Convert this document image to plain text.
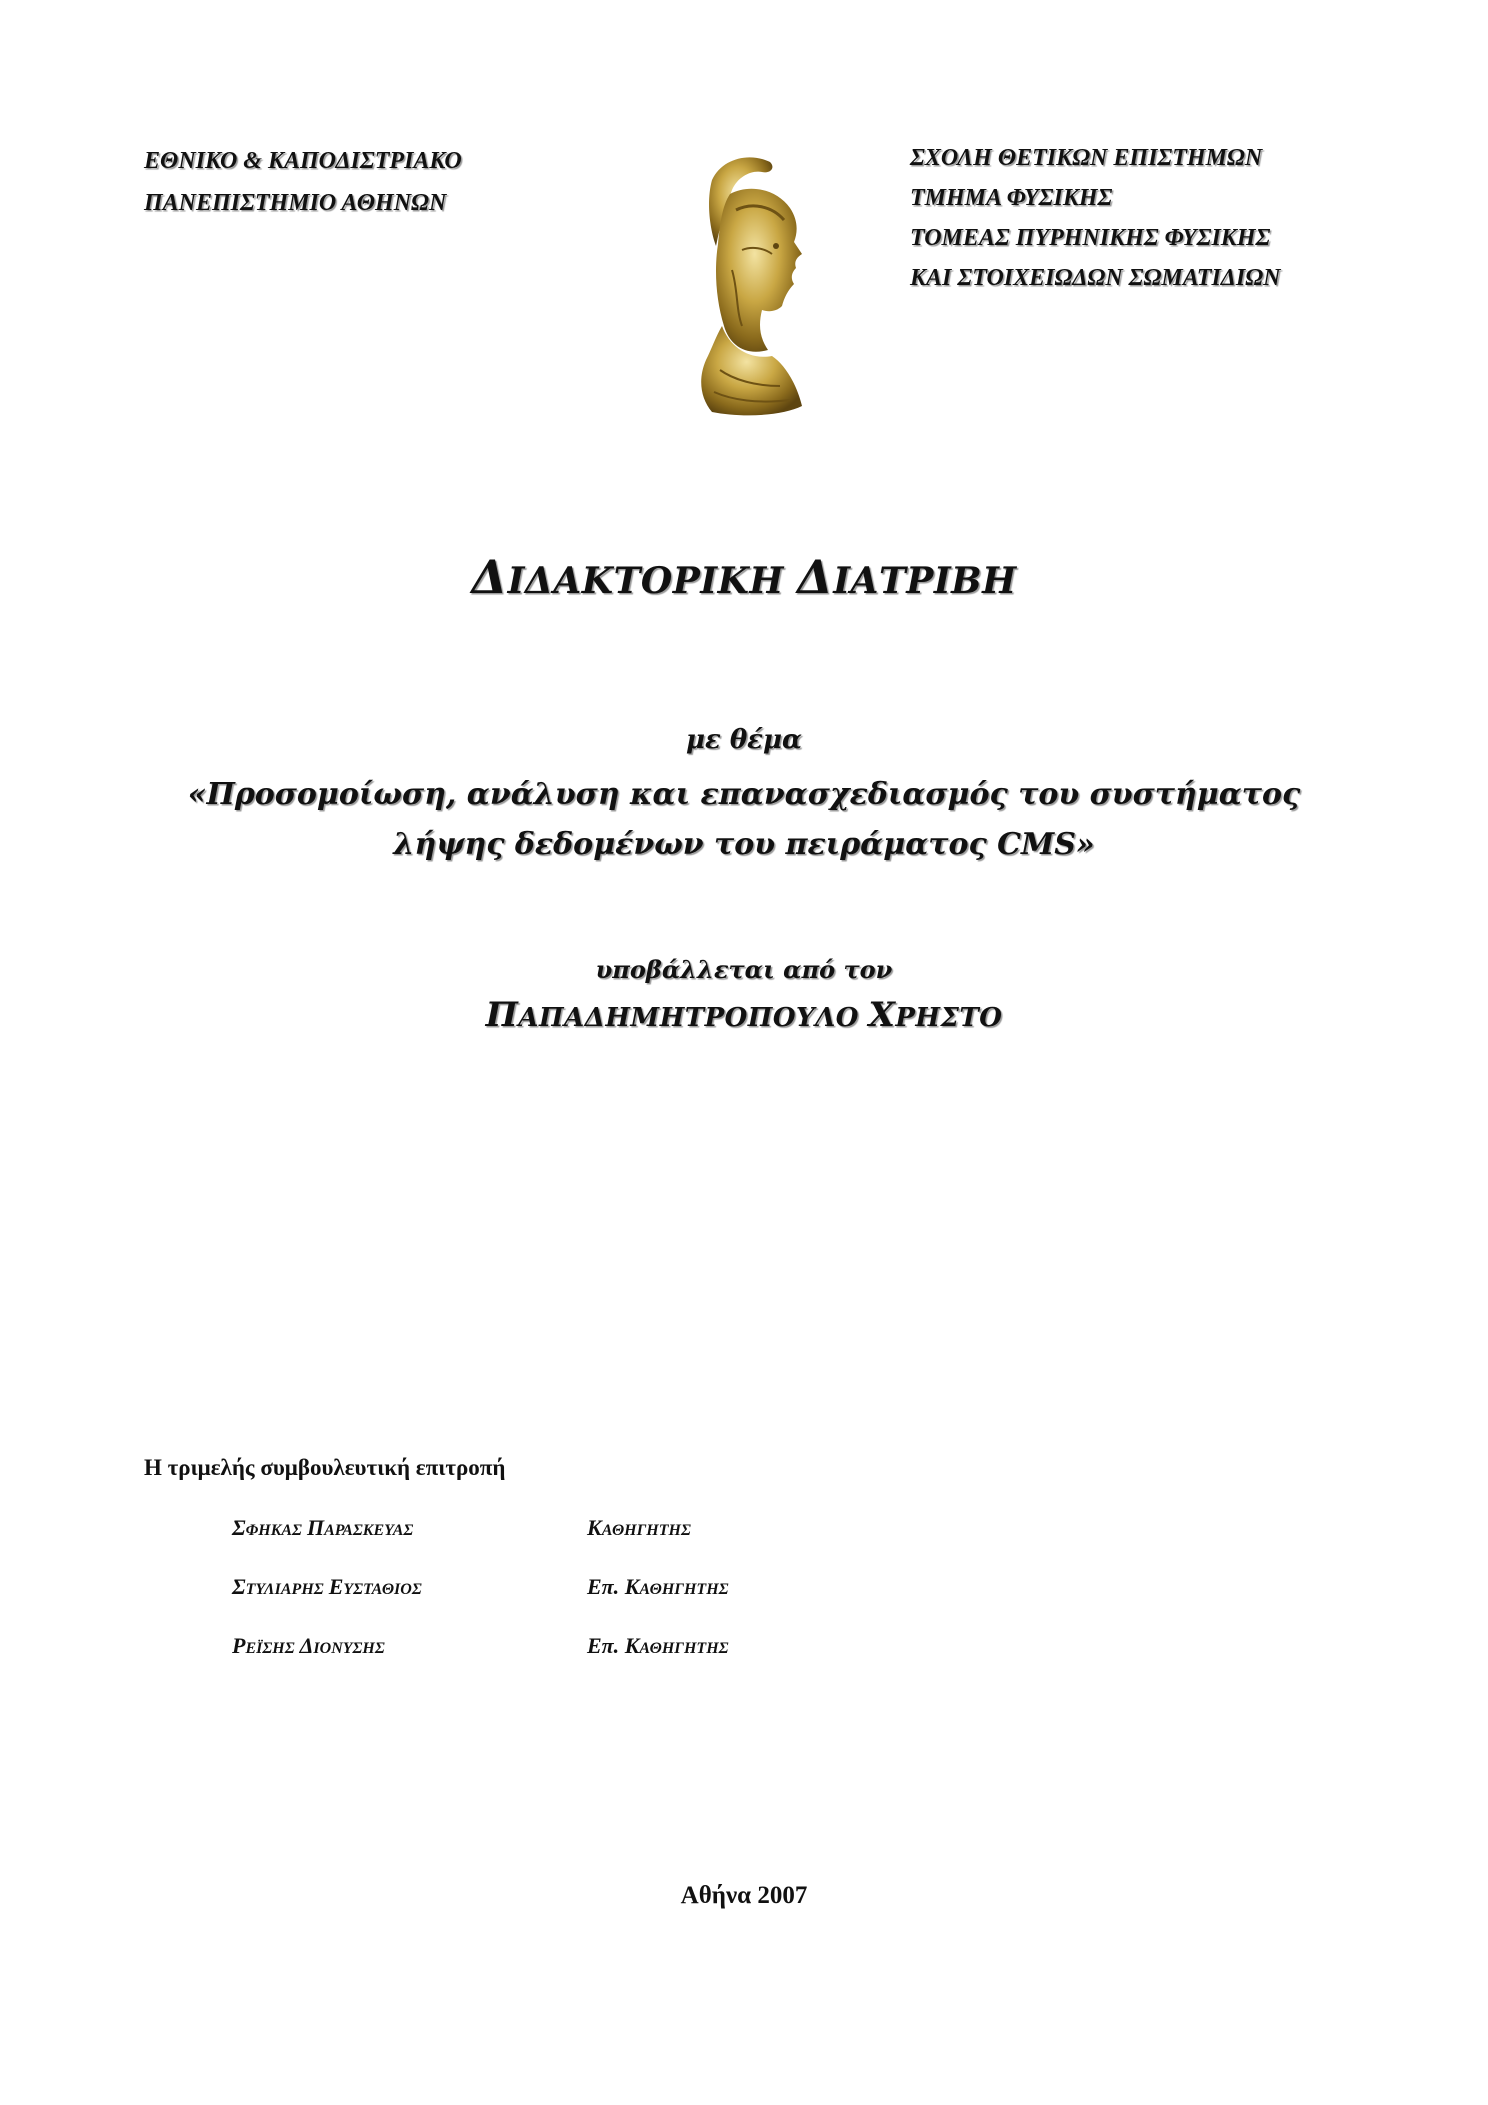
ΕΘΝΙΚΟ & ΚΑΠΟΔΙΣΤΡΙΑΚΟ
ΠΑΝΕΠΙΣΤΗΜΙΟ ΑΘΗΝΩΝ
ΣΧΟΛΗ ΘΕΤΙΚΩΝ ΕΠΙΣΤΗΜΩΝ
ΤΜΗΜΑ ΦΥΣΙΚΗΣ
ΤΟΜΕΑΣ ΠΥΡΗΝΙΚΗΣ ΦΥΣΙΚΗΣ
ΚΑΙ ΣΤΟΙΧΕΙΩΔΩΝ ΣΩΜΑΤΙΔΙΩΝ
ΔΙΔΑΚΤΟΡΙΚΗ ΔΙΑΤΡΙΒΗ
με θέμα
«Προσομοίωση, ανάλυση και επανασχεδιασμός του συστήματος
λήψης δεδομένων του πειράματος CMS»
υποβάλλεται από τον
ΠΑΠΑΔΗΜΗΤΡΟΠΟΥΛΟ ΧΡΗΣΤΟ
Η τριμελής συμβουλευτική επιτροπή
ΣΦΗΚΑΣ ΠΑΡΑΣΚΕΥΑΣ	ΚΑΘΗΓΗΤΗΣ
ΣΤΥΛΙΑΡΗΣ ΕΥΣΤΑΘΙΟΣ	Επ. ΚΑΘΗΓΗΤΗΣ
ΡΕΪΣΗΣ ΔΙΟΝΥΣΗΣ	Επ. ΚΑΘΗΓΗΤΗΣ
Αθήνα 2007
